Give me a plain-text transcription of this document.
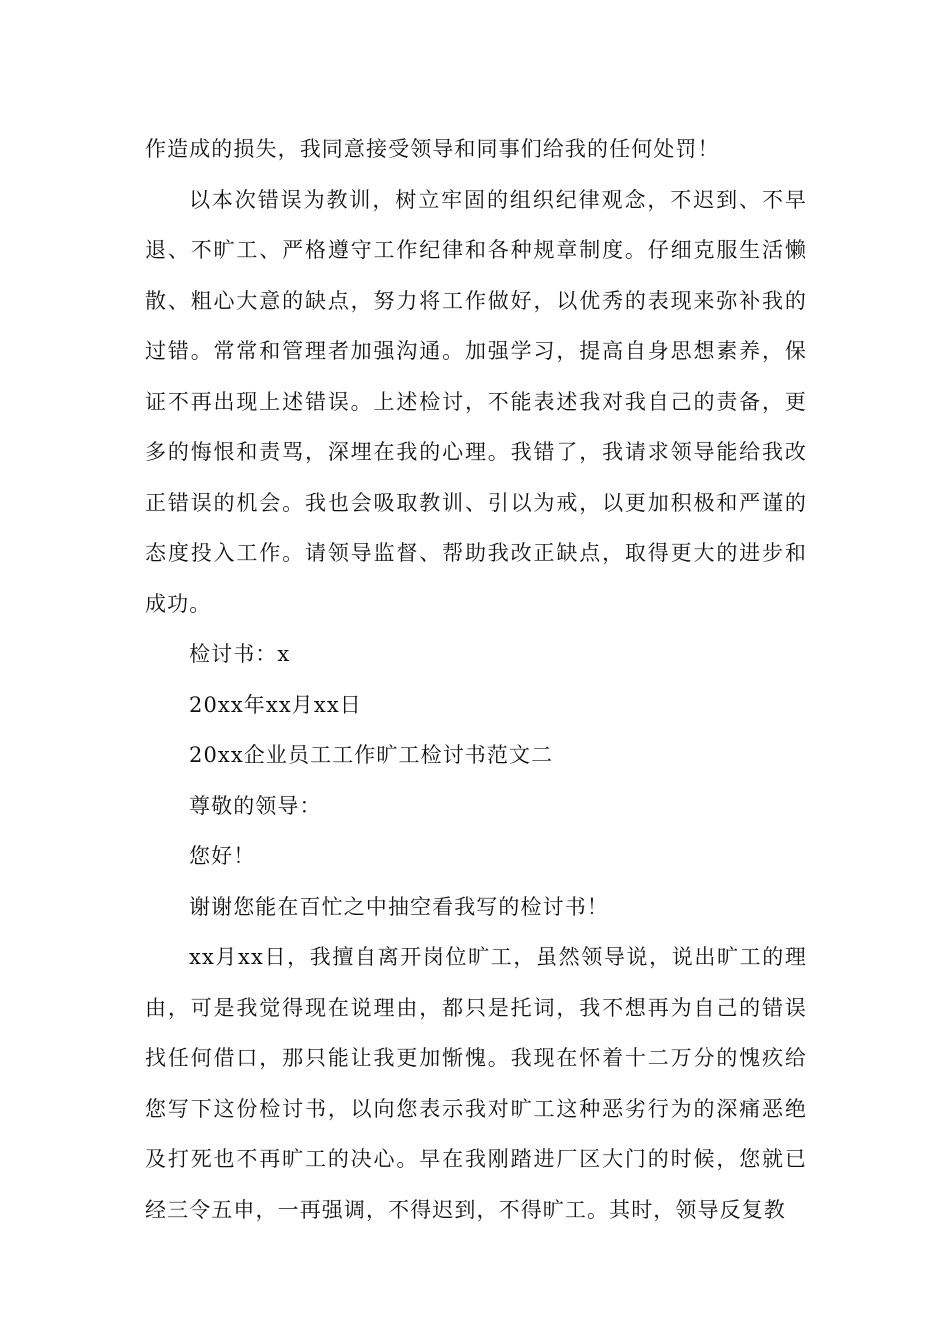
作造成的损失，我同意接受领导和同事们给我的任何处罚！

以本次错误为教训，树立牢固的组织纪律观念，不迟到、不早退、不旷工、严格遵守工作纪律和各种规章制度。仔细克服生活懒散、粗心大意的缺点，努力将工作做好，以优秀的表现来弥补我的过错。常常和管理者加强沟通。加强学习，提高自身思想素养，保证不再出现上述错误。上述检讨，不能表述我对我自己的责备，更多的悔恨和责骂，深埋在我的心理。我错了，我请求领导能给我改正错误的机会。我也会吸取教训、引以为戒，以更加积极和严谨的态度投入工作。请领导监督、帮助我改正缺点，取得更大的进步和成功。

检讨书：x

20xx年xx月xx日

20xx企业员工工作旷工检讨书范文二

尊敬的领导：

您好！

谢谢您能在百忙之中抽空看我写的检讨书！

xx月xx日，我擅自离开岗位旷工，虽然领导说，说出旷工的理由，可是我觉得现在说理由，都只是托词，我不想再为自己的错误找任何借口，那只能让我更加惭愧。我现在怀着十二万分的愧疚给您写下这份检讨书，以向您表示我对旷工这种恶劣行为的深痛恶绝及打死也不再旷工的决心。早在我刚踏进厂区大门的时候，您就已经三令五申，一再强调，不得迟到，不得旷工。其时，领导反复教
